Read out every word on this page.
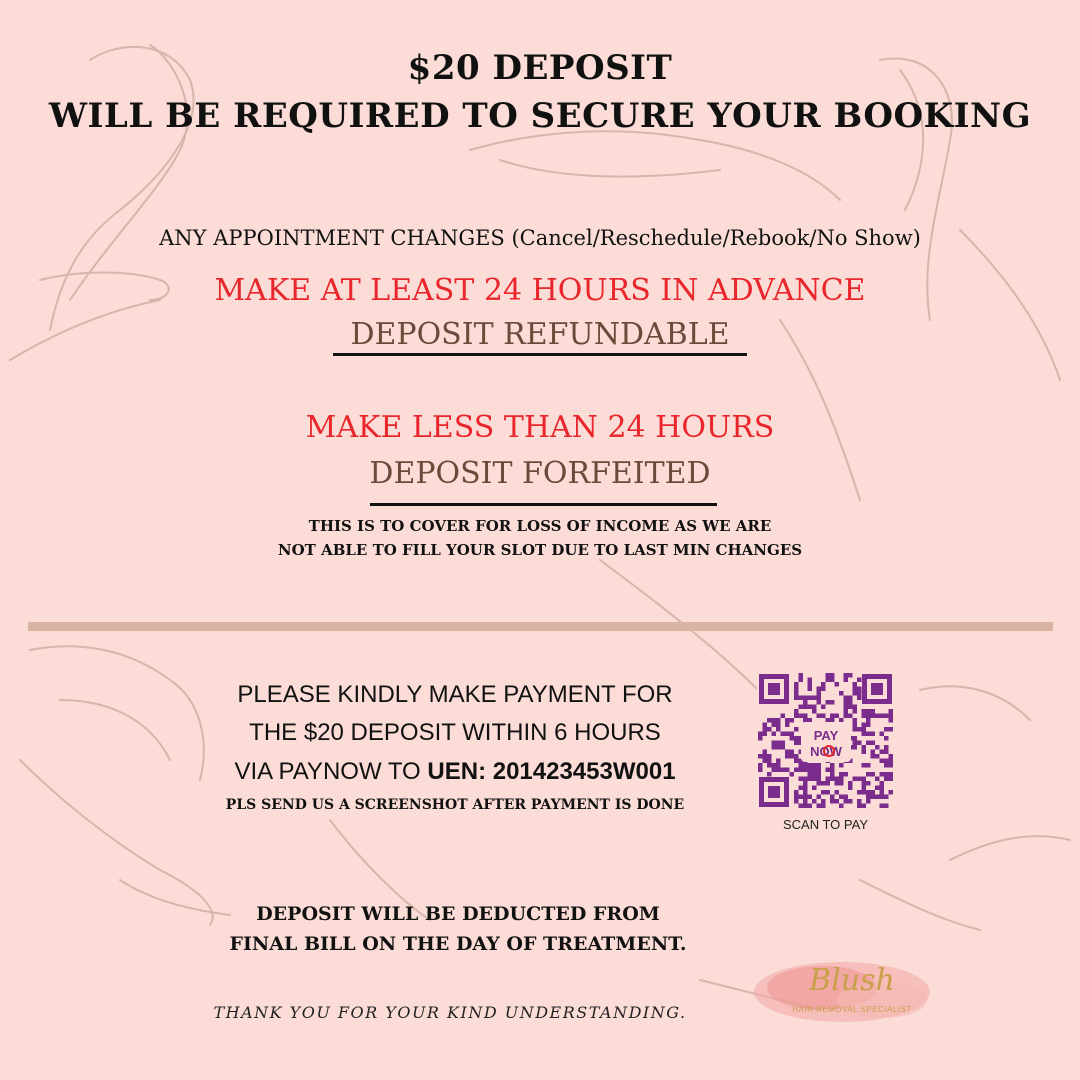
$20 DEPOSIT
WILL BE REQUIRED TO SECURE YOUR BOOKING
ANY APPOINTMENT CHANGES (Cancel/Reschedule/Rebook/No Show)
MAKE AT LEAST 24 HOURS IN ADVANCE
DEPOSIT REFUNDABLE
MAKE LESS THAN 24 HOURS
DEPOSIT FORFEITED
THIS IS TO COVER FOR LOSS OF INCOME AS WE ARE
NOT ABLE TO FILL YOUR SLOT DUE TO LAST MIN CHANGES
PLEASE KINDLY MAKE PAYMENT FOR
THE $20 DEPOSIT WITHIN 6 HOURS
VIA PAYNOW TO UEN: 201423453W001
PLS SEND US A SCREENSHOT AFTER PAYMENT IS DONE
PAY
NOW
SCAN TO PAY
DEPOSIT WILL BE DEDUCTED FROM
FINAL BILL ON THE DAY OF TREATMENT.
THANK YOU FOR YOUR KIND UNDERSTANDING.
Blush
HAIR REMOVAL SPECIALIST
